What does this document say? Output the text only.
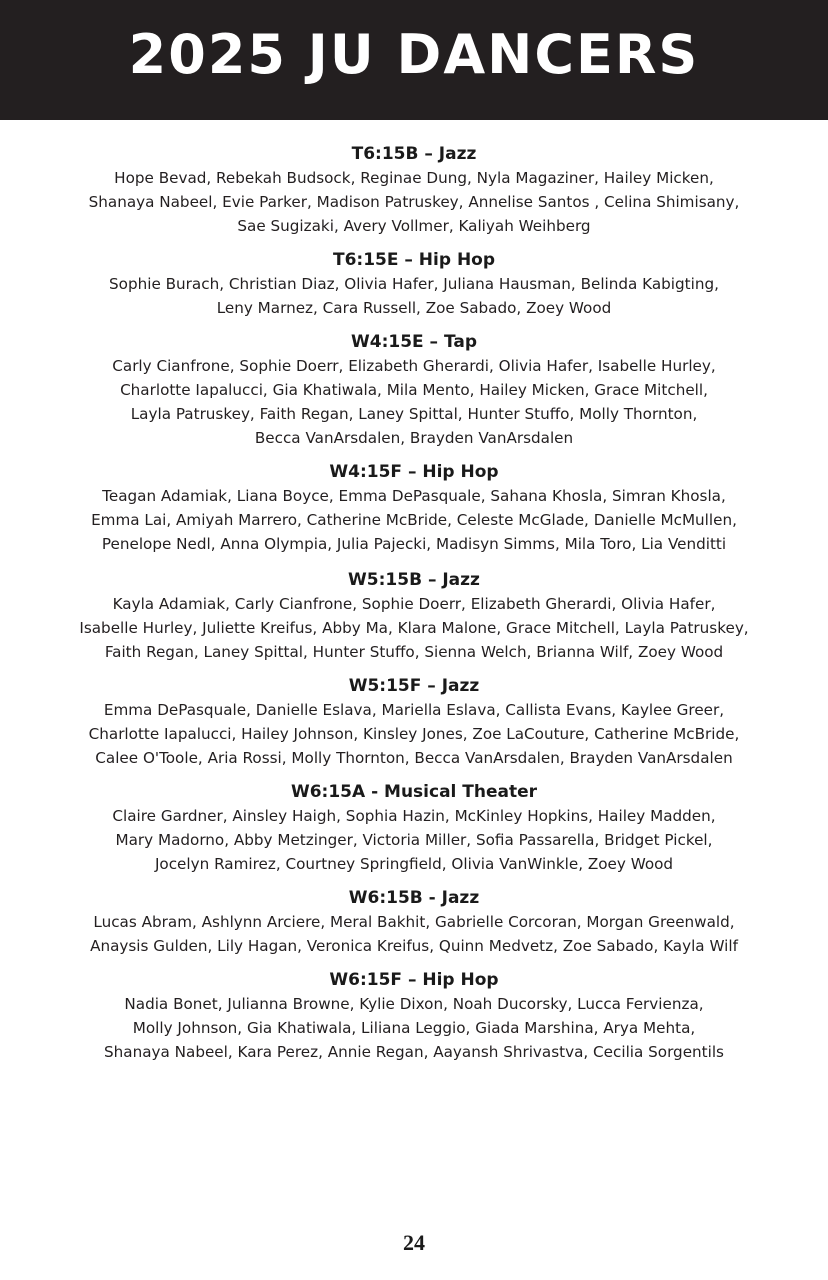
2025 JU DANCERS
T6:15B – Jazz
Hope Bevad, Rebekah Budsock, Reginae Dung, Nyla Magaziner, Hailey Micken,
Shanaya Nabeel, Evie Parker, Madison Patruskey, Annelise Santos , Celina Shimisany,
Sae Sugizaki, Avery Vollmer, Kaliyah Weihberg
T6:15E – Hip Hop
Sophie Burach, Christian Diaz, Olivia Hafer, Juliana Hausman, Belinda Kabigting,
Leny Marnez, Cara Russell, Zoe Sabado, Zoey Wood
W4:15E – Tap
Carly Cianfrone, Sophie Doerr, Elizabeth Gherardi, Olivia Hafer, Isabelle Hurley,
Charlotte Iapalucci, Gia Khatiwala, Mila Mento, Hailey Micken, Grace Mitchell,
Layla Patruskey, Faith Regan, Laney Spittal, Hunter Stuffo, Molly Thornton,
Becca VanArsdalen, Brayden VanArsdalen
W4:15F – Hip Hop
Teagan Adamiak, Liana Boyce, Emma DePasquale, Sahana Khosla, Simran Khosla,
Emma Lai, Amiyah Marrero, Catherine McBride, Celeste McGlade, Danielle McMullen,
Penelope Nedl, Anna Olympia, Julia Pajecki, Madisyn Simms, Mila Toro, Lia Venditti
W5:15B – Jazz
Kayla Adamiak, Carly Cianfrone, Sophie Doerr, Elizabeth Gherardi, Olivia Hafer,
Isabelle Hurley, Juliette Kreifus, Abby Ma, Klara Malone, Grace Mitchell, Layla Patruskey,
Faith Regan, Laney Spittal, Hunter Stuffo, Sienna Welch, Brianna Wilf, Zoey Wood
W5:15F – Jazz
Emma DePasquale, Danielle Eslava, Mariella Eslava, Callista Evans, Kaylee Greer,
Charlotte Iapalucci, Hailey Johnson, Kinsley Jones, Zoe LaCouture, Catherine McBride,
Calee O'Toole, Aria Rossi, Molly Thornton, Becca VanArsdalen, Brayden VanArsdalen
W6:15A - Musical Theater
Claire Gardner, Ainsley Haigh, Sophia Hazin, McKinley Hopkins, Hailey Madden,
Mary Madorno, Abby Metzinger, Victoria Miller, Sofia Passarella, Bridget Pickel,
Jocelyn Ramirez, Courtney Springfield, Olivia VanWinkle, Zoey Wood
W6:15B - Jazz
Lucas Abram, Ashlynn Arciere, Meral Bakhit, Gabrielle Corcoran, Morgan Greenwald,
Anaysis Gulden, Lily Hagan, Veronica Kreifus, Quinn Medvetz, Zoe Sabado, Kayla Wilf
W6:15F – Hip Hop
Nadia Bonet, Julianna Browne, Kylie Dixon, Noah Ducorsky, Lucca Fervienza,
Molly Johnson, Gia Khatiwala, Liliana Leggio, Giada Marshina, Arya Mehta,
Shanaya Nabeel, Kara Perez, Annie Regan, Aayansh Shrivastva, Cecilia Sorgentils
24
